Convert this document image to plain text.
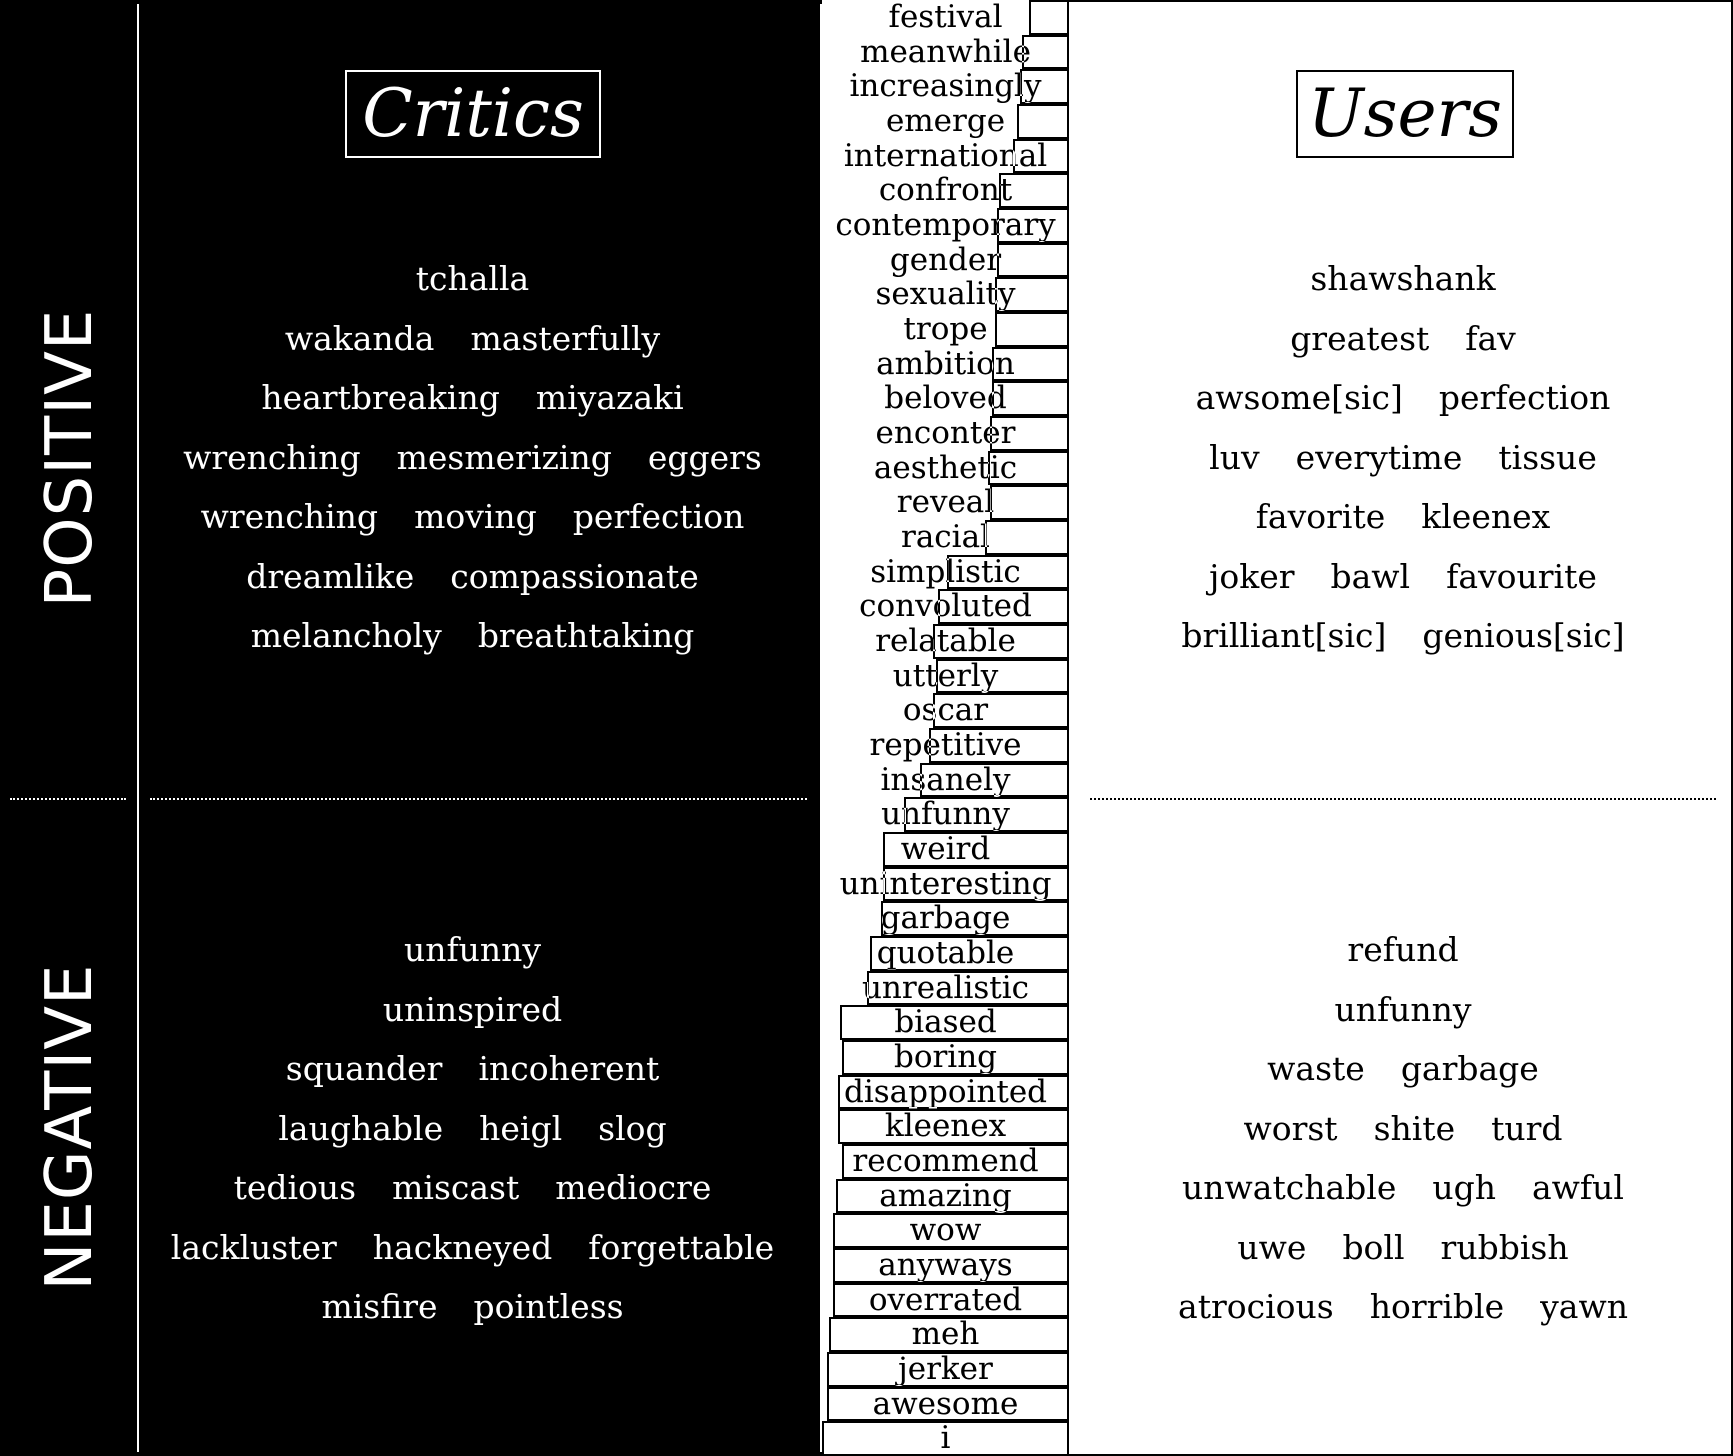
POSITIVE
NEGATIVE
Critics	Users
tchalla
wakanda masterfully
heartbreaking miyazaki
wrenching mesmerizing eggers
wrenching moving perfection
dreamlike compassionate
melancholy breathtaking
unfunny
uninspired
squander incoherent
laughable heigl slog
tedious miscast mediocre
lackluster hackneyed forgettable
misfire pointless
shawshank
greatest fav
awsome[sic] perfection
luv everytime tissue
favorite kleenex
joker bawl favourite
brilliant[sic] genious[sic]
refund
unfunny
waste garbage
worst shite turd
unwatchable ugh awful
uwe boll rubbish
atrocious horrible yawn
festival
meanwhile
increasingly
emerge
international
confront
contemporary
gender
sexuality
trope
ambition
beloved
enconter
aesthetic
reveal
racial
simplistic
convoluted
relatable
utterly
oscar
repetitive
insanely
unfunny
weird
uninteresting
garbage
quotable
unrealistic
biased
boring
disappointed
kleenex
recommend
amazing
wow
anyways
overrated
meh
jerker
awesome
i
